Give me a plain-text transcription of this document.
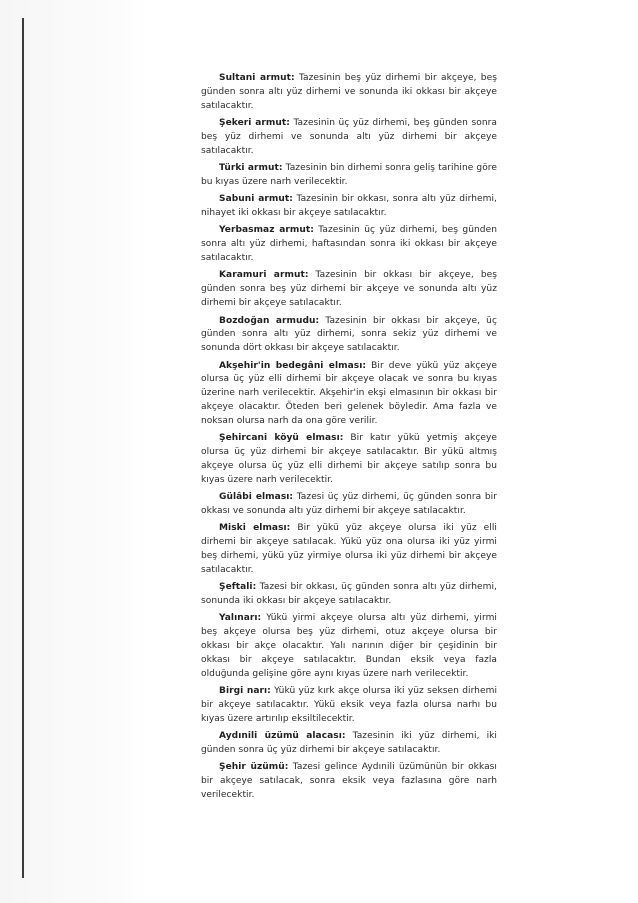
Sultani armut: Tazesinin beş yüz dirhemi bir akçeye, beş günden sonra altı yüz dirhemi ve sonunda iki okkası bir akçeye satılacaktır.

Şekeri armut: Tazesinin üç yüz dirhemi, beş günden sonra beş yüz dirhemi ve sonunda altı yüz dirhemi bir akçeye satılacaktır.

Türki armut: Tazesinin bin dirhemi sonra geliş tarihine göre bu kıyas üzere narh verilecektir.

Sabuni armut: Tazesinin bir okkası, sonra altı yüz dirhemi, nihayet iki okkası bir akçeye satılacaktır.

Yerbasmaz armut: Tazesinin üç yüz dirhemi, beş günden sonra altı yüz dirhemi, haftasından sonra iki okkası bir akçeye satılacaktır.

Karamuri armut: Tazesinin bir okkası bir akçeye, beş günden sonra beş yüz dirhemi bir akçeye ve sonunda altı yüz dirhemi bir akçeye satılacaktır.

Bozdoğan armudu: Tazesinin bir okkası bir akçeye, üç günden sonra altı yüz dirhemi, sonra sekiz yüz dirhemi ve sonunda dört okkası bir akçeye satılacaktır.

Akşehir'in bedegâni elması: Bir deve yükü yüz akçeye olursa üç yüz elli dirhemi bir akçeye olacak ve sonra bu kıyas üzerine narh verilecektir. Akşehir'in ekşi elmasının bir okkası bir akçeye olacaktır. Öteden beri gelenek böyledir. Ama fazla ve noksan olursa narh da ona göre verilir.

Şehircani köyü elması: Bir katır yükü yetmiş akçeye olursa üç yüz dirhemi bir akçeye satılacaktır. Bir yükü altmış akçeye olursa üç yüz elli dirhemi bir akçeye satılıp sonra bu kıyas üzere narh verilecektir.

Gülâbi elması: Tazesi üç yüz dirhemi, üç günden sonra bir okkası ve sonunda altı yüz dirhemi bir akçeye satılacaktır.

Miski elması: Bir yükü yüz akçeye olursa iki yüz elli dirhemi bir akçeye satılacak. Yükü yüz ona olursa iki yüz yirmi beş dirhemi, yükü yüz yirmiye olursa iki yüz dirhemi bir akçeye satılacaktır.

Şeftali: Tazesi bir okkası, üç günden sonra altı yüz dirhemi, sonunda iki okkası bir akçeye satılacaktır.

Yalınarı: Yükü yirmi akçeye olursa altı yüz dirhemi, yirmi beş akçeye olursa beş yüz dirhemi, otuz akçeye olursa bir okkası bir akçe olacaktır. Yalı narının diğer bir çeşidinin bir okkası bir akçeye satılacaktır. Bundan eksik veya fazla olduğunda gelişine göre aynı kıyas üzere narh verilecektir.

Birgi narı: Yükü yüz kırk akçe olursa iki yüz seksen dirhemi bir akçeye satılacaktır. Yükü eksik veya fazla olursa narhı bu kıyas üzere artırılıp eksiltilecektir.

Aydınili üzümü alacası: Tazesinin iki yüz dirhemi, iki günden sonra üç yüz dirhemi bir akçeye satılacaktır.

Şehir üzümü: Tazesi gelince Aydınili üzümünün bir okkası bir akçeye satılacak, sonra eksik veya fazlasına göre narh verilecektir.
